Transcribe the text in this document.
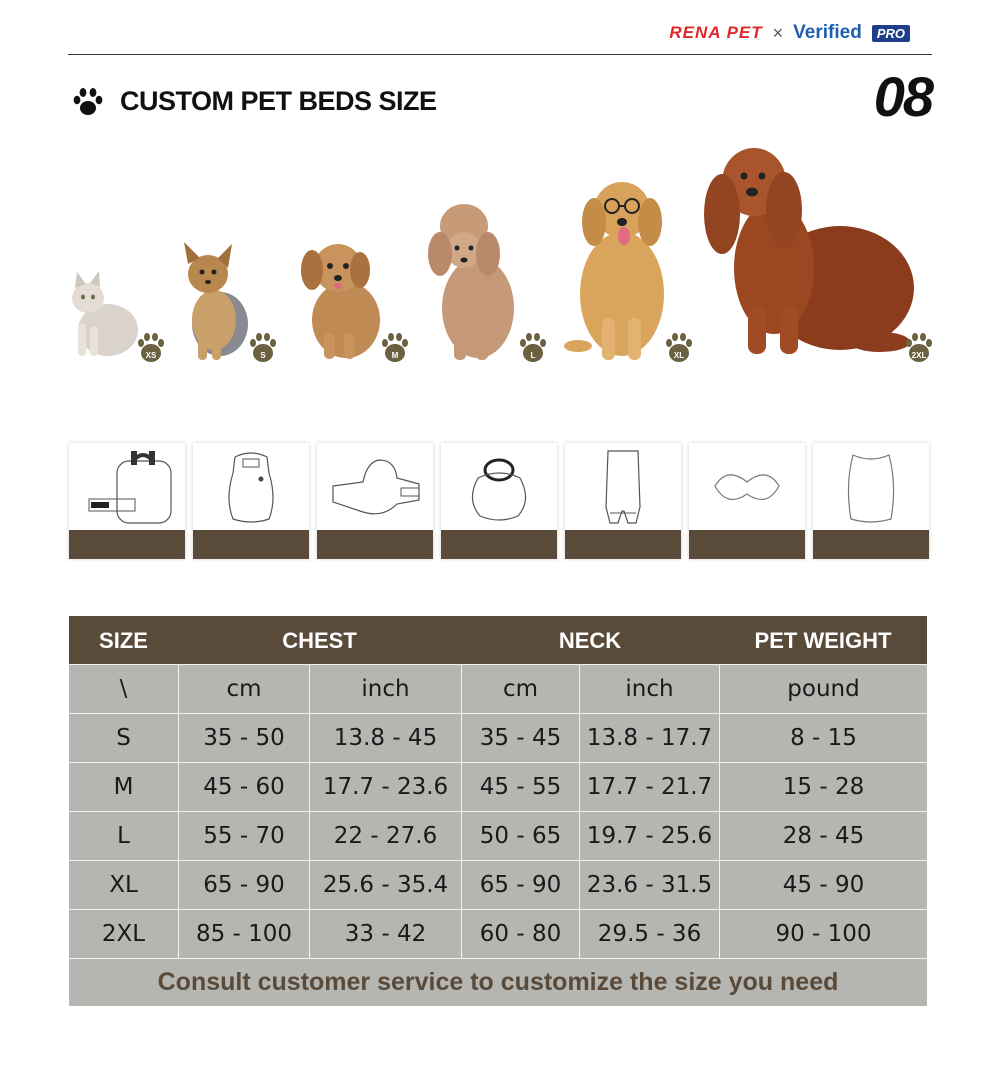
RENA PET × Verified	PRO
CUSTOM PET BEDS SIZE	08
XS	S	M	L	XL	2XL
SIZE	CHEST	NECK	PET WEIGHT
\	cm	inch	cm	inch	pound
S	35 - 50	13.8 - 45	35 - 45	13.8 - 17.7	8 - 15
M	45 - 60	17.7 - 23.6	45 - 55	17.7 - 21.7	15 - 28
L	55 - 70	22 - 27.6	50 - 65	19.7 - 25.6	28 - 45
XL	65 - 90	25.6 - 35.4	65 - 90	23.6 - 31.5	45 - 90
2XL	85 - 100	33 - 42	60 - 80	29.5 - 36	90 - 100
Consult customer service to customize the size you need
